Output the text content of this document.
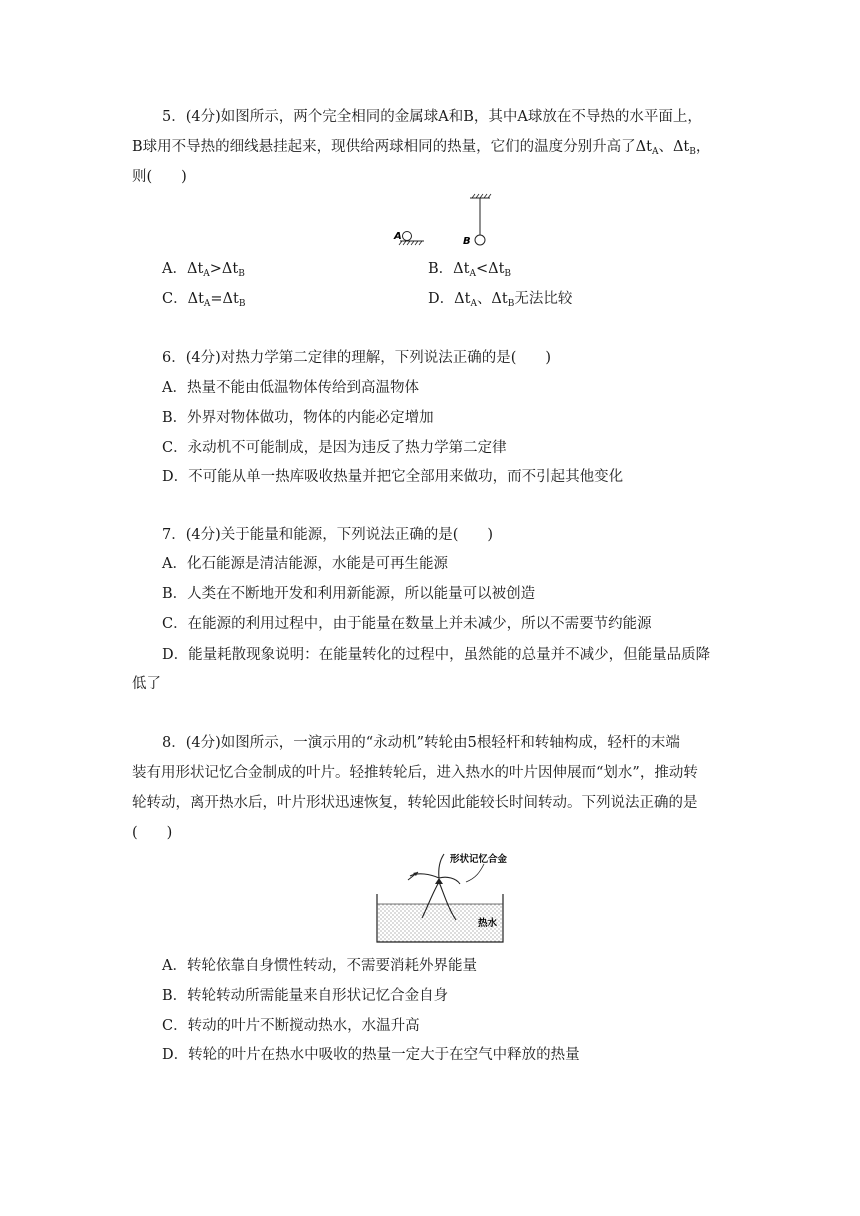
5．(4分)如图所示，两个完全相同的金属球A和B，其中A球放在不导热的水平面上，
B球用不导热的细线悬挂起来，现供给两球相同的热量，它们的温度分别升高了$\Delta t_A$、$\Delta t_B$，
则(　　)
A	B
A．$\Delta t_A>\Delta t_B$	B．$\Delta t_A<\Delta t_B$
C．$\Delta t_A=\Delta t_B$	D．$\Delta t_A$、$\Delta t_B$无法比较
6．(4分)对热力学第二定律的理解，下列说法正确的是(　　)
A．热量不能由低温物体传给到高温物体
B．外界对物体做功，物体的内能必定增加
C．永动机不可能制成，是因为违反了热力学第二定律
D．不可能从单一热库吸收热量并把它全部用来做功，而不引起其他变化
7．(4分)关于能量和能源，下列说法正确的是(　　)
A．化石能源是清洁能源，水能是可再生能源
B．人类在不断地开发和利用新能源，所以能量可以被创造
C．在能源的利用过程中，由于能量在数量上并未减少，所以不需要节约能源
D．能量耗散现象说明：在能量转化的过程中，虽然能的总量并不减少，但能量品质降
低了
8．(4分)如图所示，一演示用的“永动机”转轮由5根轻杆和转轴构成，轻杆的末端
装有用形状记忆合金制成的叶片。轻推转轮后，进入热水的叶片因伸展而“划水”，推动转
轮转动，离开热水后，叶片形状迅速恢复，转轮因此能较长时间转动。下列说法正确的是
(　　)
形状记忆合金
热水
A．转轮依靠自身惯性转动，不需要消耗外界能量
B．转轮转动所需能量来自形状记忆合金自身
C．转动的叶片不断搅动热水，水温升高
D．转轮的叶片在热水中吸收的热量一定大于在空气中释放的热量
